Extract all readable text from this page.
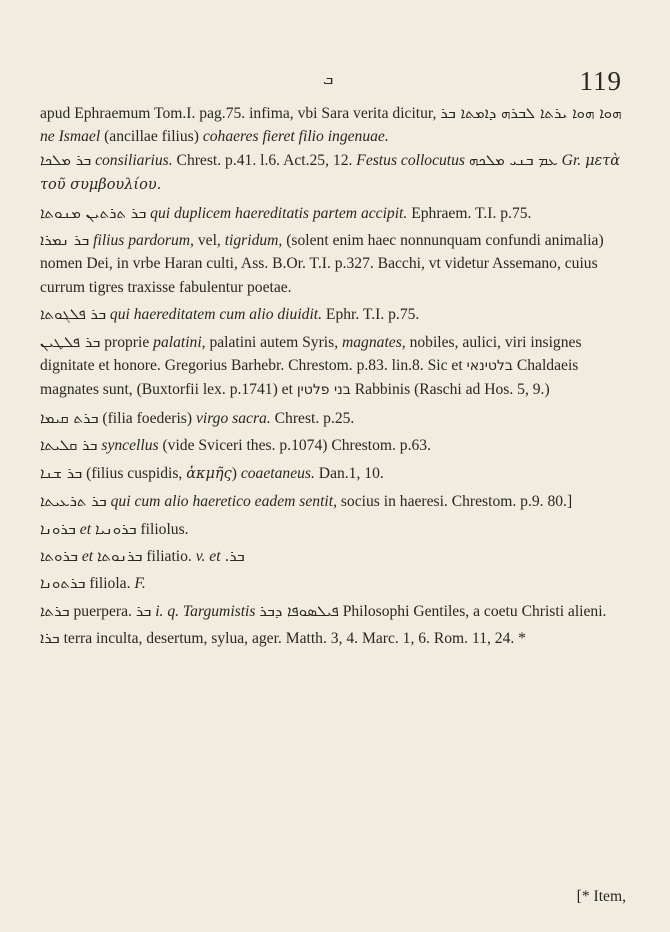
ܒ	119

apud Ephraemum Tom.I. pag.75. infima, vbi Sara verita dicitur, ܗܘܐ ܗܘܐ ܝܪܬܐ ܠܒܪܗ ܕܐܡܬܐ ܒܪ ne Ismael (ancillae filius) cohaeres fieret filio ingenuae.

ܒܪ ܡܠܟܐ consiliarius. Chrest. p.41. l.6. Act.25, 12. Festus collocutus ܥܡ ܒܢܝ ܡܠܟܗ Gr. μετὰ τοῦ συμβουλίου.

ܒܪ ܬܪܬܝܢ ܡܢܘܬܐ qui duplicem haereditatis partem accipit. Ephraem. T.I. p.75.

ܒܪ ܢܡܪܐ filius pardorum, vel, tigridum, (solent enim haec nonnunquam confundi animalia) nomen Dei, in vrbe Haran culti, Ass. B.Or. T.I. p.327. Bacchi, vt videtur Assemano, cuius currum tigres traxisse fabulentur poetae.

ܒܪ ܦܠܓܘܬܐ qui haereditatem cum alio diuidit. Ephr. T.I. p.75.

ܒܪ ܦܠܛܝܢ proprie palatini, palatini autem Syris, magnates, nobiles, aulici, viri insignes dignitate et honore. Gregorius Barhebr. Chrestom. p.83. lin.8. Sic et בלטינאי Chaldaeis magnates sunt, (Buxtorfii lex. p.1741) et בני פלטין Rabbinis (Raschi ad Hos. 5, 9.)

ܒܪܬ ܩܝܡܐ (filia foederis) virgo sacra. Chrest. p.25.

ܒܪ ܩܠܝܬܐ syncellus (vide Sviceri thes. p.1074) Chrestom. p.63.

ܒܪ ܫܢܐ (filius cuspidis, ἀκμῆς) coaetaneus. Dan.1, 10.

ܒܪ ܬܪܥܝܬܐ qui cum alio haeretico eadem sentit, socius in haeresi. Chrestom. p.9. 80.]

ܒܪܘܢܐ et ܒܪܘܢܝܐ filiolus.

ܒܪܘܬܐ et ܒܪܢܘܬܐ filiatio. v. et ܒܪ.

ܒܪܬܘܢܐ filiola. F.

ܒܪܬܐ puerpera. ܒܪ i. q. Targumistis ܦܝܠܣܘܦܐ ܕܒܪ Philosophi Gentiles, a coetu Christi alieni.

ܒܪܐ terra inculta, desertum, sylua, ager. Matth. 3, 4. Marc. 1, 6. Rom. 11, 24. *

[* Item,
